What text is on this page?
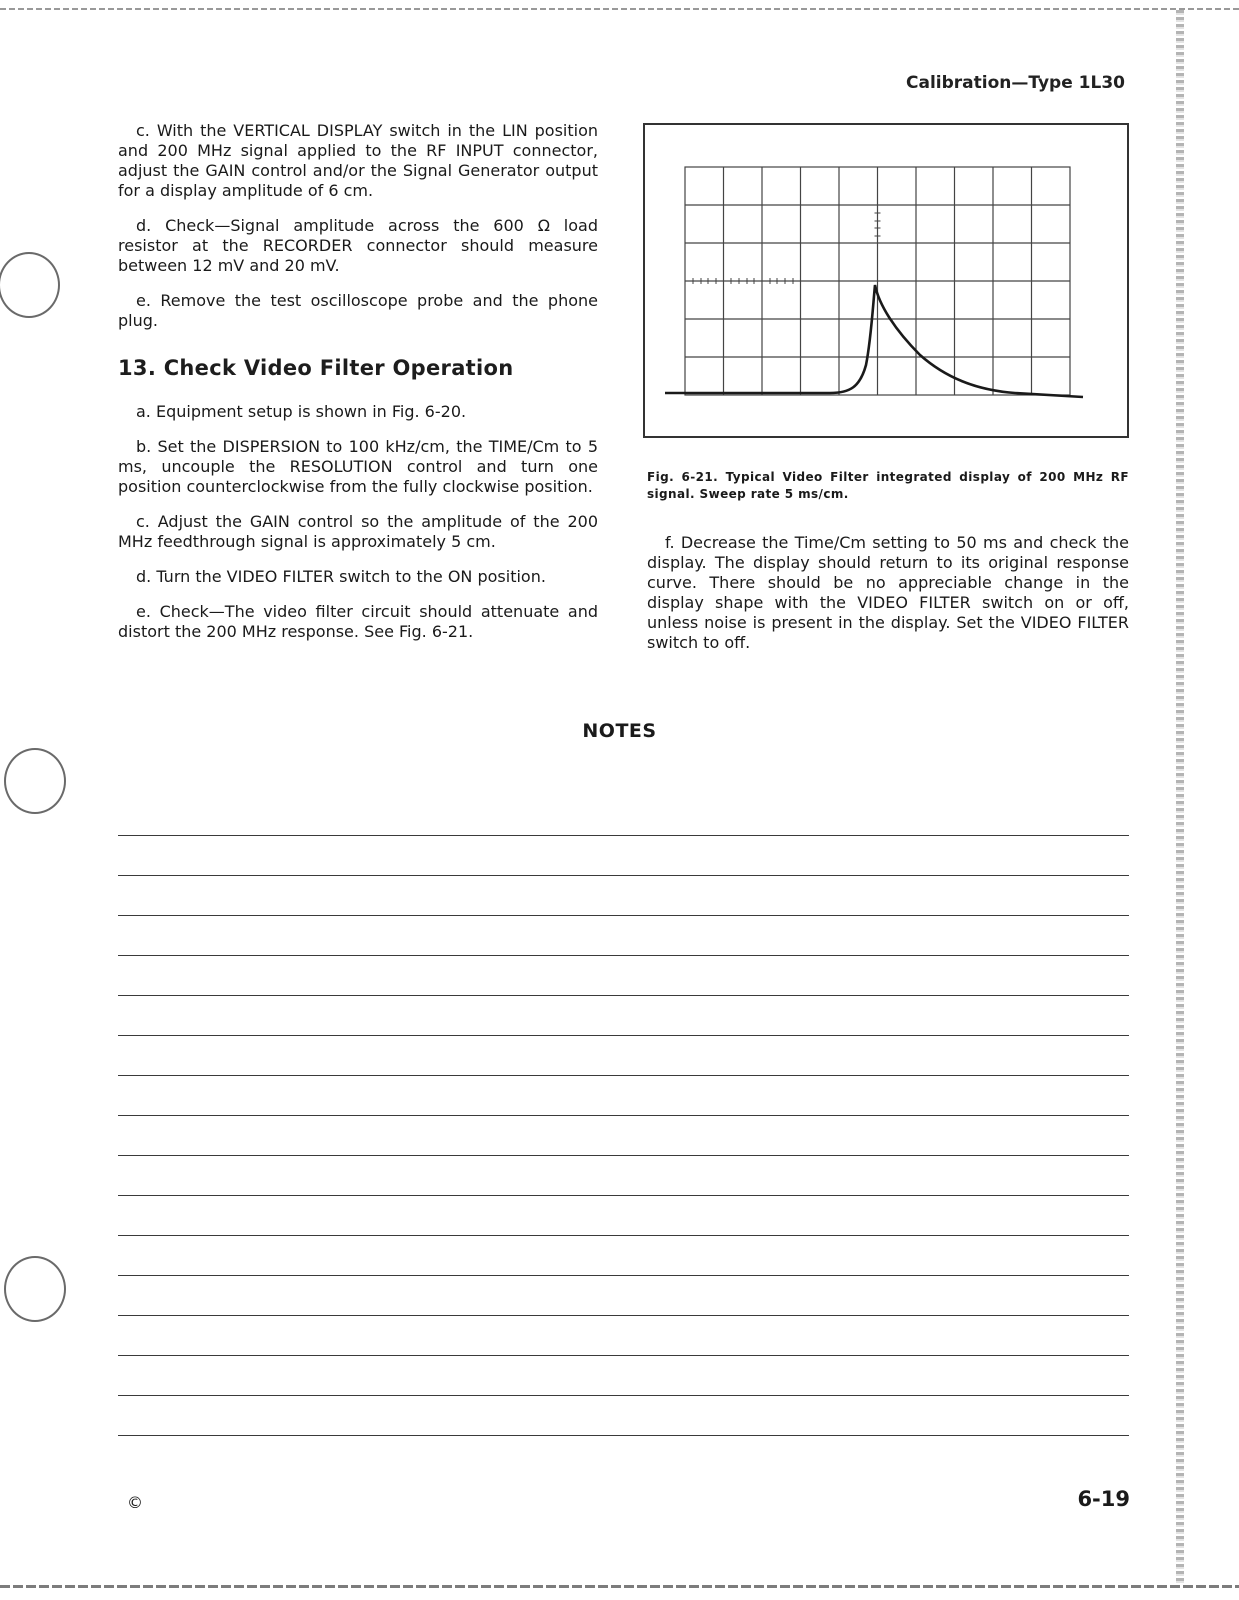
Calibration—Type 1L30

c. With the VERTICAL DISPLAY switch in the LIN position and 200 MHz signal applied to the RF INPUT connector, adjust the GAIN control and/or the Signal Generator output for a display amplitude of 6 cm.

d. Check—Signal amplitude across the 600 Ω load resistor at the RECORDER connector should measure between 12 mV and 20 mV.

e. Remove the test oscilloscope probe and the phone plug.

13. Check Video Filter Operation

a. Equipment setup is shown in Fig. 6-20.

b. Set the DISPERSION to 100 kHz/cm, the TIME/Cm to 5 ms, uncouple the RESOLUTION control and turn one position counterclockwise from the fully clockwise position.

c. Adjust the GAIN control so the amplitude of the 200 MHz feedthrough signal is approximately 5 cm.

d. Turn the VIDEO FILTER switch to the ON position.

e. Check—The video filter circuit should attenuate and distort the 200 MHz response. See Fig. 6-21.

Fig. 6-21. Typical Video Filter integrated display of 200 MHz RF signal. Sweep rate 5 ms/cm.

f. Decrease the Time/Cm setting to 50 ms and check the display. The display should return to its original response curve. There should be no appreciable change in the display shape with the VIDEO FILTER switch on or off, unless noise is present in the display. Set the VIDEO FILTER switch to off.

NOTES
©	6-19
